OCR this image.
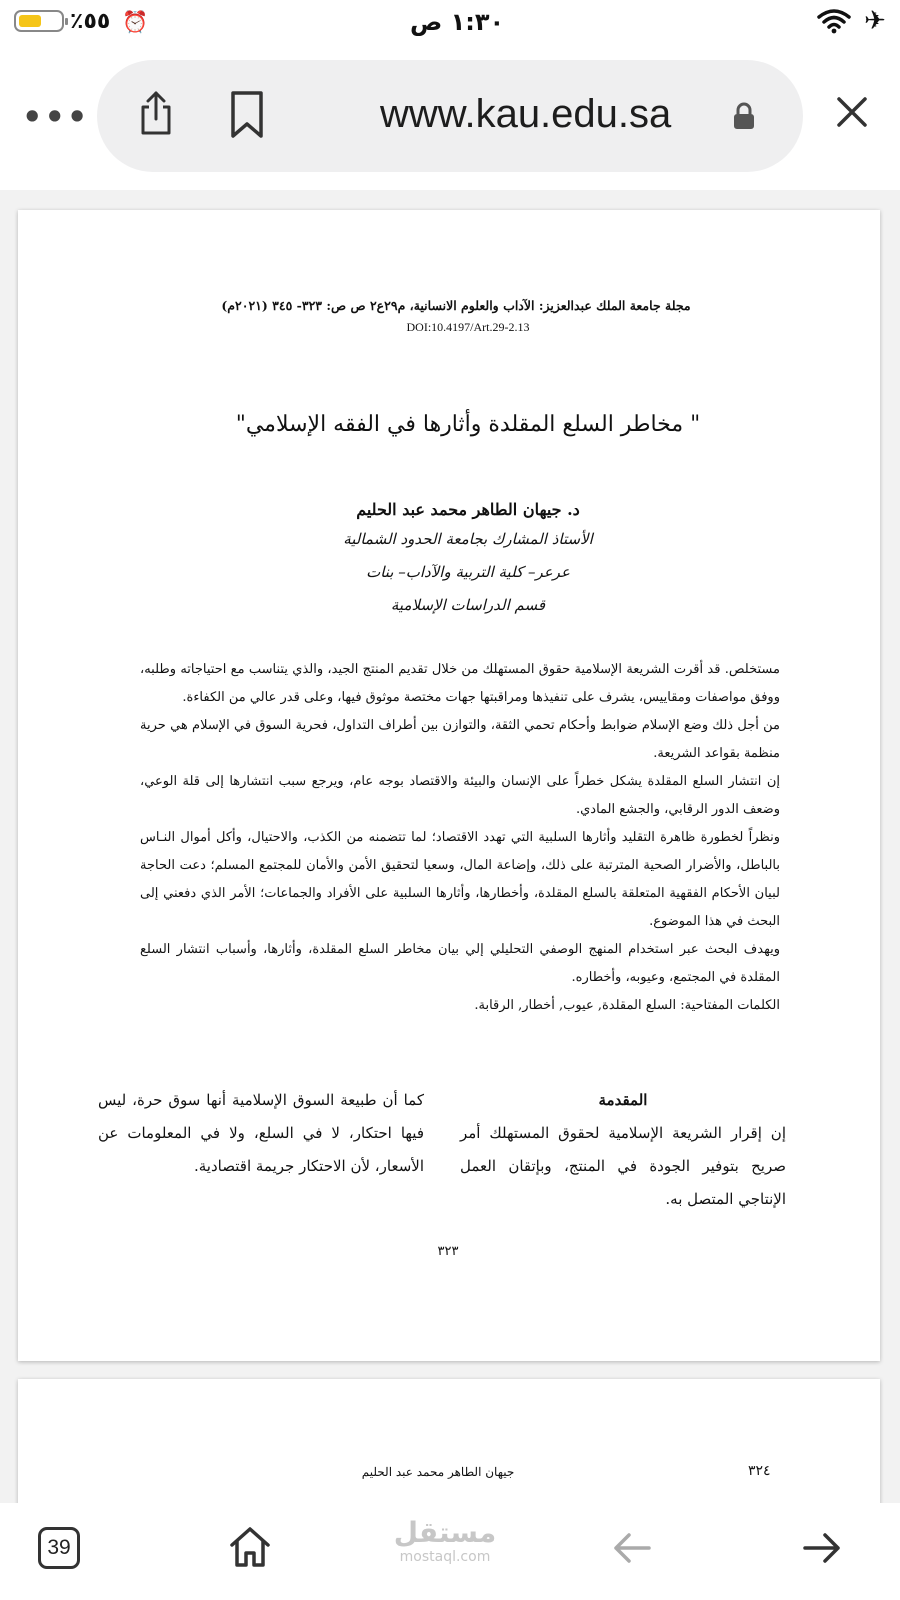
٪٥٥ ⏰	١:٣٠ ص	✈
•••	www.kau.edu.sa
مجلة جامعة الملك عبدالعزيز: الآداب والعلوم الانسانية، م٢٩ع٢ ص ص: ٣٢٣- ٣٤٥ (٢٠٢١م)
DOI:10.4197/Art.29-2.13
" مخاطر السلع المقلدة وأثارها في الفقه الإسلامي"
د. جيهان الطاهر محمد عبد الحليم
الأستاذ المشارك بجامعة الحدود الشمالية
عرعر– كلية التربية والآداب– بنات
قسم الدراسات الإسلامية

مستخلص. قد أقرت الشريعة الإسلامية حقوق المستهلك من خلال تقديم المنتج الجيد، والذي يتناسب مع احتياجاته وطلبه، ووفق مواصفات ومقاييس، يشرف على تنفيذها ومراقبتها جهات مختصة موثوق فيها، وعلى قدر عالي من الكفاءة.

من أجل ذلك وضع الإسلام ضوابط وأحكام تحمي الثقة، والتوازن بين أطراف التداول، فحرية السوق في الإسلام هي حرية منظمة بقواعد الشريعة.

إن انتشار السلع المقلدة يشكل خطراً على الإنسان والبيئة والاقتصاد بوجه عام، ويرجع سبب انتشارها إلى قلة الوعي، وضعف الدور الرقابي، والجشع المادي.

ونظراً لخطورة ظاهرة التقليد وأثارها السلبية التي تهدد الاقتصاد؛ لما تتضمنه من الكذب، والاحتيال، وأكل أموال النـاس بالباطل، والأضرار الصحية المترتبة على ذلك، وإضاعة المال، وسعيا لتحقيق الأمن والأمان للمجتمع المسلم؛ دعت الحاجة لبيان الأحكام الفقهية المتعلقة بالسلع المقلدة، وأخطارها، وأثارها السلبية على الأفراد والجماعات؛ الأمر الذي دفعني إلى البحث في هذا الموضوع.

ويهدف البحث عبر استخدام المنهج الوصفي التحليلي إلي بيان مخاطر السلع المقلدة، وأثارها، وأسباب انتشار السلع المقلدة في المجتمع، وعيوبه، وأخطاره.

الكلمات المفتاحية: السلع المقلدة, عيوب, أخطار, الرقابة.

المقدمة

إن إقرار الشريعة الإسلامية لحقوق المستهلك أمر صريح بتوفير الجودة في المنتج، وبإتقان العمل الإنتاجي المتصل به.

كما أن طبيعة السوق الإسلامية أنها سوق حرة، ليس فيها احتكار، لا في السلع، ولا في المعلومات عن الأسعار، لأن الاحتكار جريمة اقتصادية.

٣٢٣
٣٢٤
جيهان الطاهر محمد عبد الحليم
39	مستقل
mostaql.com
